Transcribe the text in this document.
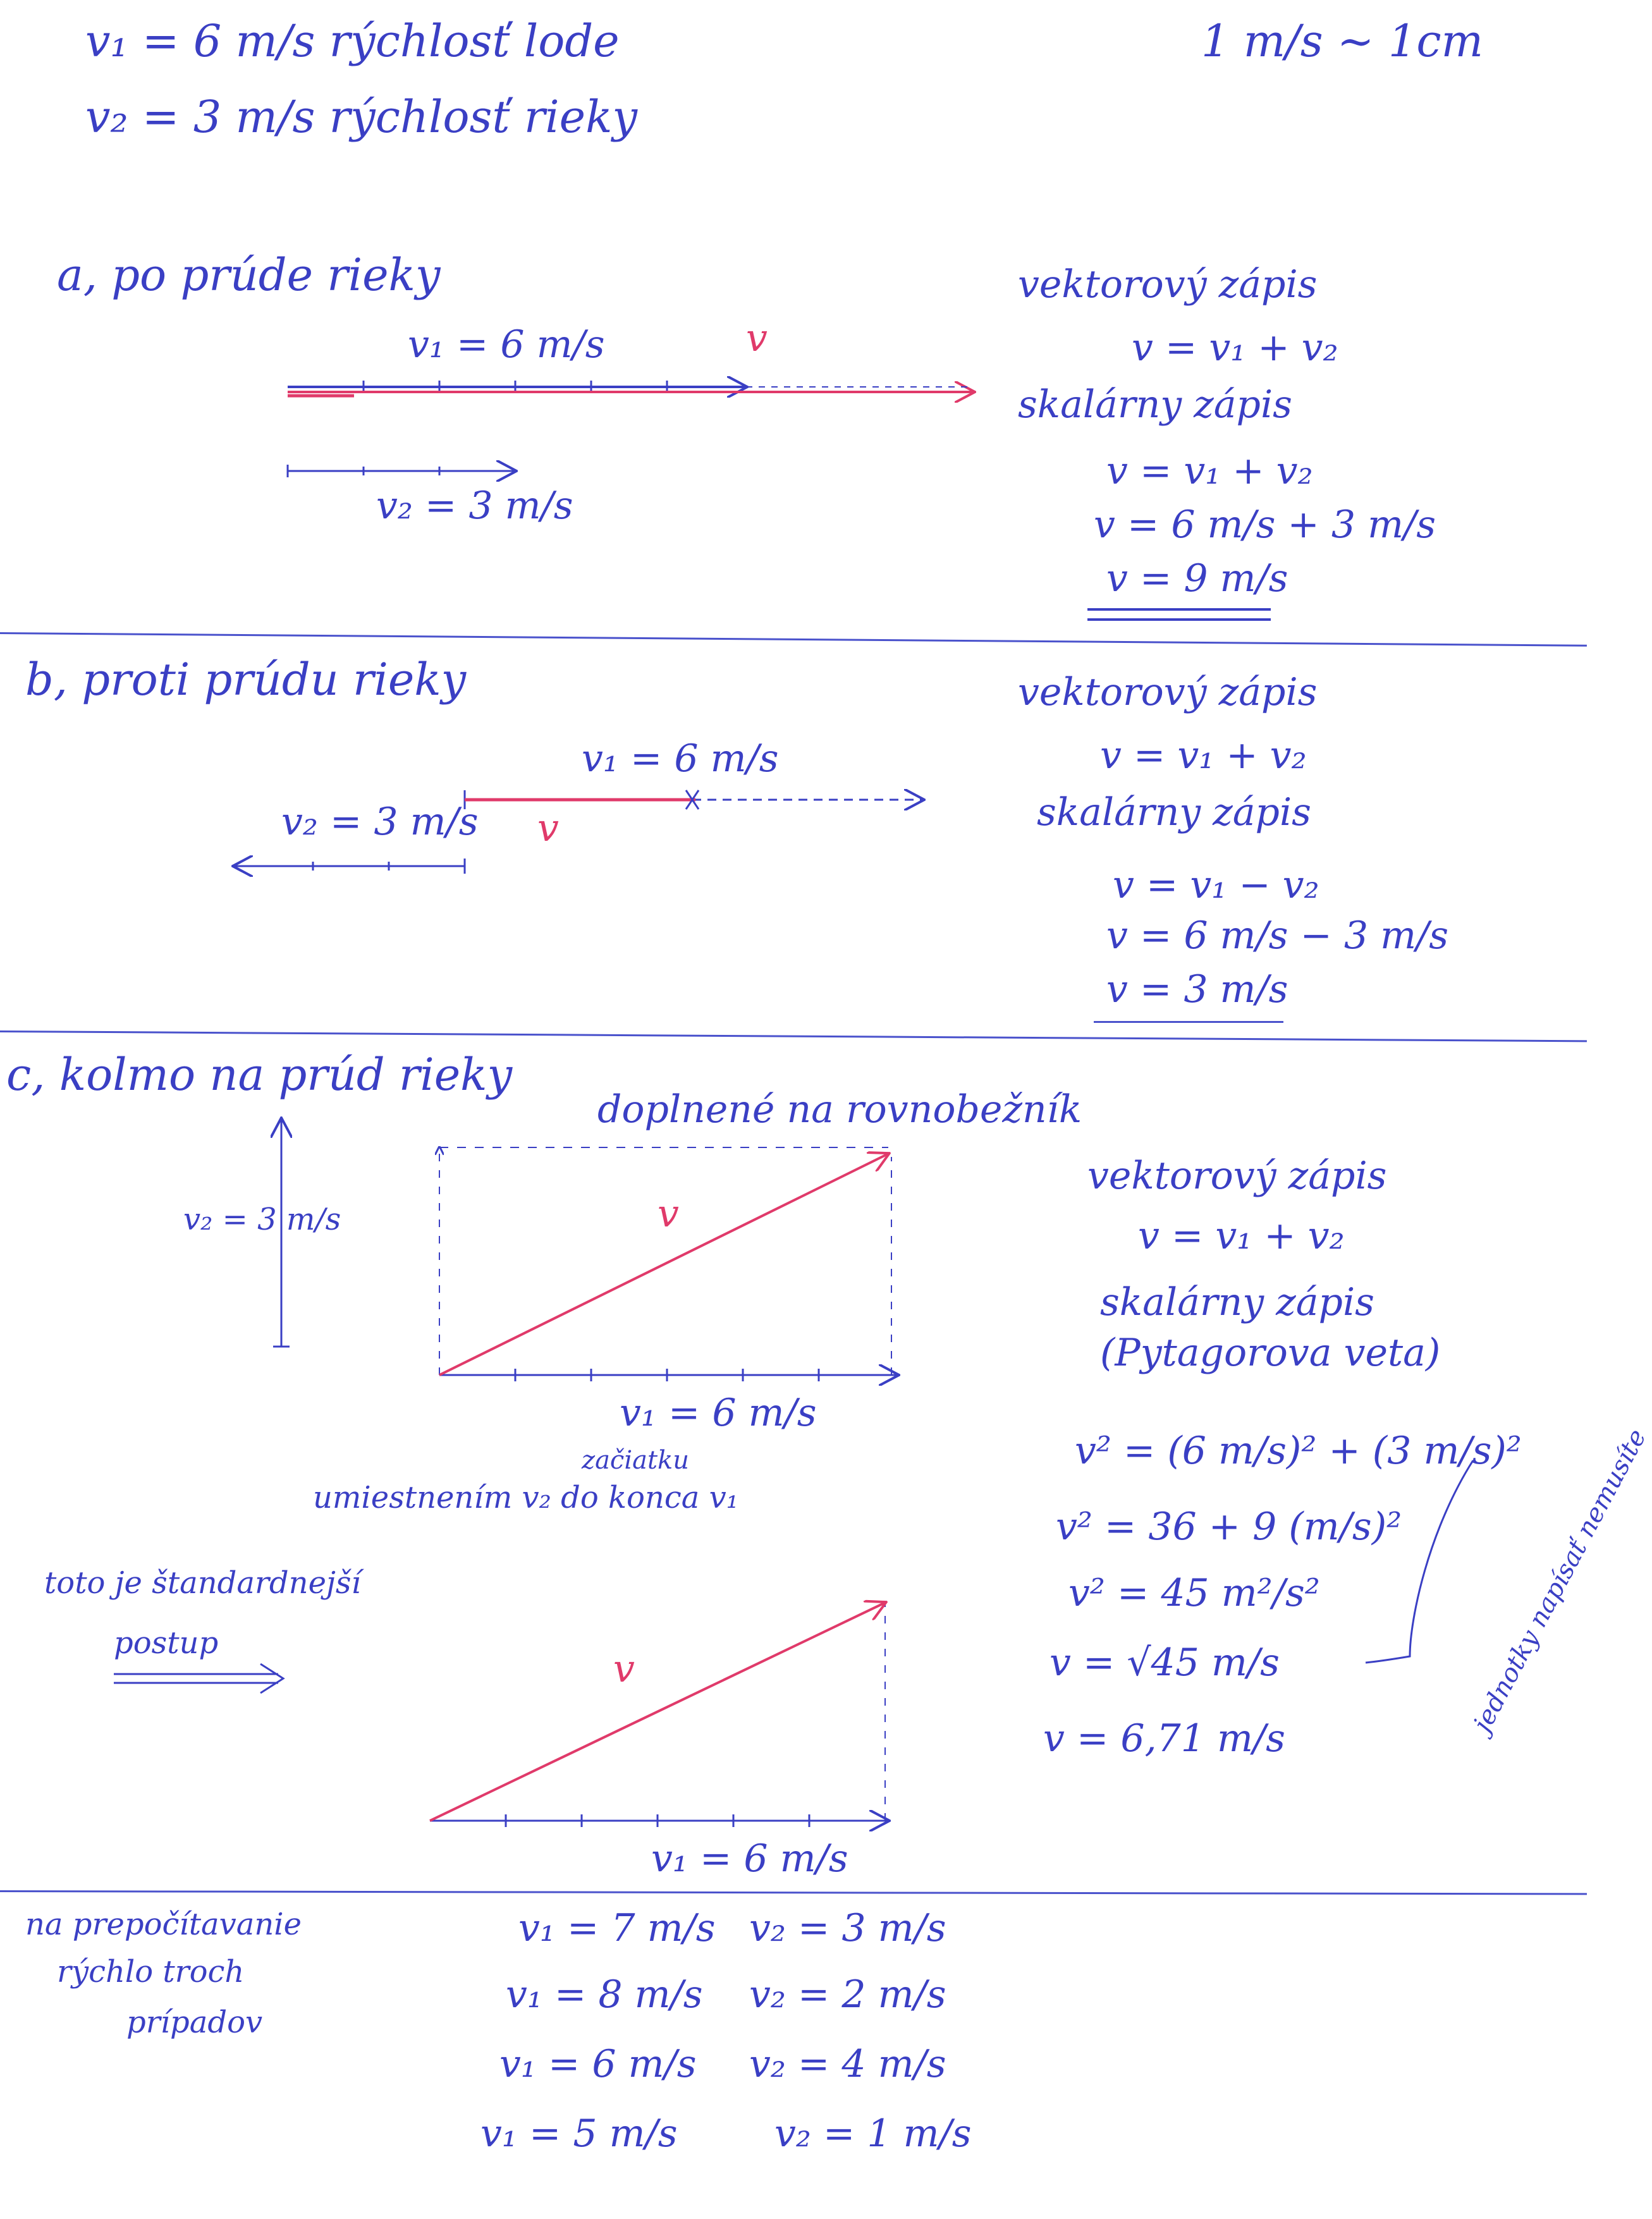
v₁ = 6 m/s rýchlosť lode
v₂ = 3 m/s rýchlosť rieky
1 m/s ~ 1cm
a, po prúde rieky
v₁ = 6 m/s	v
v₂ = 3 m/s
vektorový zápis
v = v₁ + v₂
skalárny zápis
v = v₁ + v₂
v = 6 m/s + 3 m/s
v = 9 m/s
b, proti prúdu rieky
v₁ = 6 m/s
v₂ = 3 m/s v
vektorový zápis
v = v₁ + v₂
skalárny zápis
v = v₁ − v₂
v = 6 m/s − 3 m/s
v = 3 m/s
c, kolmo na prúd rieky
doplnené na rovnobežník
v₂ = 3 m/s	v
v₁ = 6 m/s
začiatku
umiestnením v₂ do konca v₁
toto je štandardnejší
postup
v
v₁ = 6 m/s
vektorový zápis
v = v₁ + v₂
skalárny zápis
(Pytagorova veta)
v² = (6 m/s)² + (3 m/s)²
v² = 36 + 9 (m/s)²
v² = 45 m²/s²
v = √45 m/s
v = 6,71 m/s
jednotky napísať nemusíte
na prepočítavanie
rýchlo troch
prípadov
v₁ = 7 m/s v₂ = 3 m/s
v₁ = 8 m/s v₂ = 2 m/s
v₁ = 6 m/s v₂ = 4 m/s
v₁ = 5 m/s	v₂ = 1 m/s
